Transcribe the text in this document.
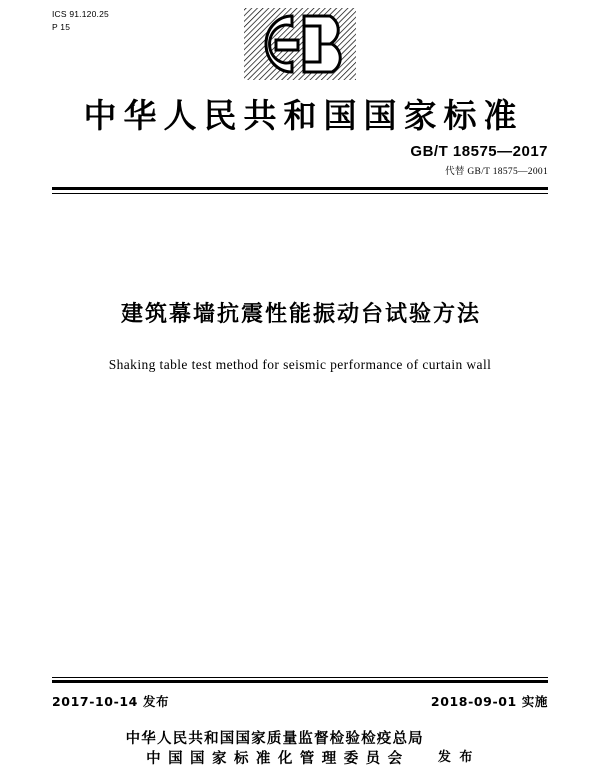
ICS 91.120.25
P 15
中华人民共和国国家标准
GB/T 18575—2017
代替 GB/T 18575—2001
建筑幕墙抗震性能振动台试验方法
Shaking table test method for seismic performance of curtain wall
2017-10-14 发布	2018-09-01 实施
中华人民共和国国家质量监督检验检疫总局
中 国 国 家 标 准 化 管 理 委 员 会	发 布
